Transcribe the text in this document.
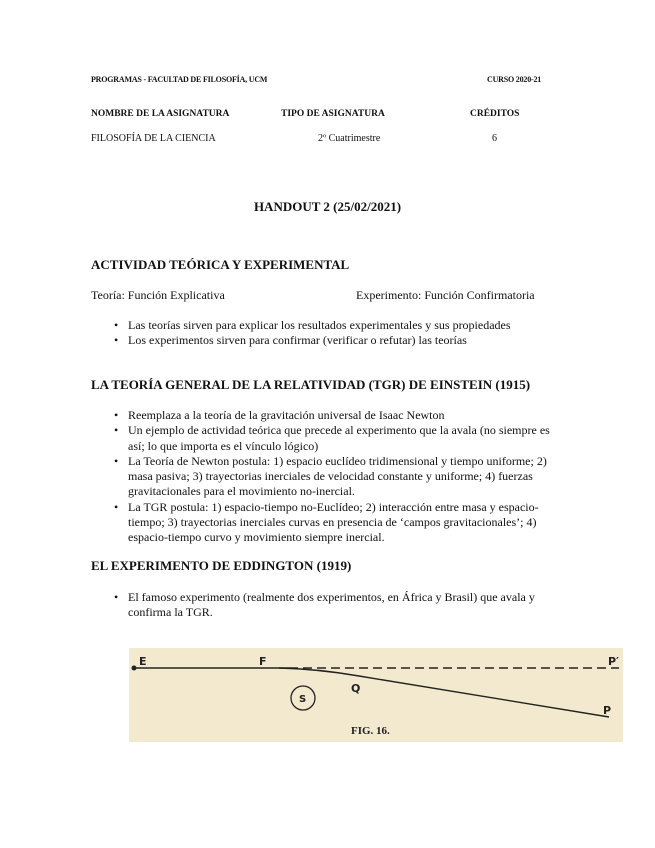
PROGRAMAS - FACULTAD DE FILOSOFÍA, UCM	CURSO 2020-21
NOMBRE DE LA ASIGNATURA	TIPO DE ASIGNATURA	CRÉDITOS
FILOSOFÍA DE LA CIENCIA	2º Cuatrimestre	6
HANDOUT 2 (25/02/2021)
ACTIVIDAD TEÓRICA Y EXPERIMENTAL
Teoría: Función Explicativa	Experimento: Función Confirmatoria
• Las teorías sirven para explicar los resultados experimentales y sus propiedades
• Los experimentos sirven para confirmar (verificar o refutar) las teorías
LA TEORÍA GENERAL DE LA RELATIVIDAD (TGR) DE EINSTEIN (1915)
• Reemplaza a la teoría de la gravitación universal de Isaac Newton
• Un ejemplo de actividad teórica que precede al experimento que la avala (no siempre es así; lo que importa es el vínculo lógico)
• La Teoría de Newton postula: 1) espacio euclídeo tridimensional y tiempo uniforme; 2) masa pasiva; 3) trayectorias inerciales de velocidad constante y uniforme; 4) fuerzas gravitacionales para el movimiento no-inercial.
• La TGR postula: 1) espacio-tiempo no-Euclídeo; 2) interacción entre masa y espacio-tiempo; 3) trayectorias inerciales curvas en presencia de ‘campos gravitacionales’; 4) espacio-tiempo curvo y movimiento siempre inercial.
EL EXPERIMENTO DE EDDINGTON (1919)
• El famoso experimento (realmente dos experimentos, en África y Brasil) que avala y confirma la TGR.
E	F	P′
S
Q
P
FIG. 16.
